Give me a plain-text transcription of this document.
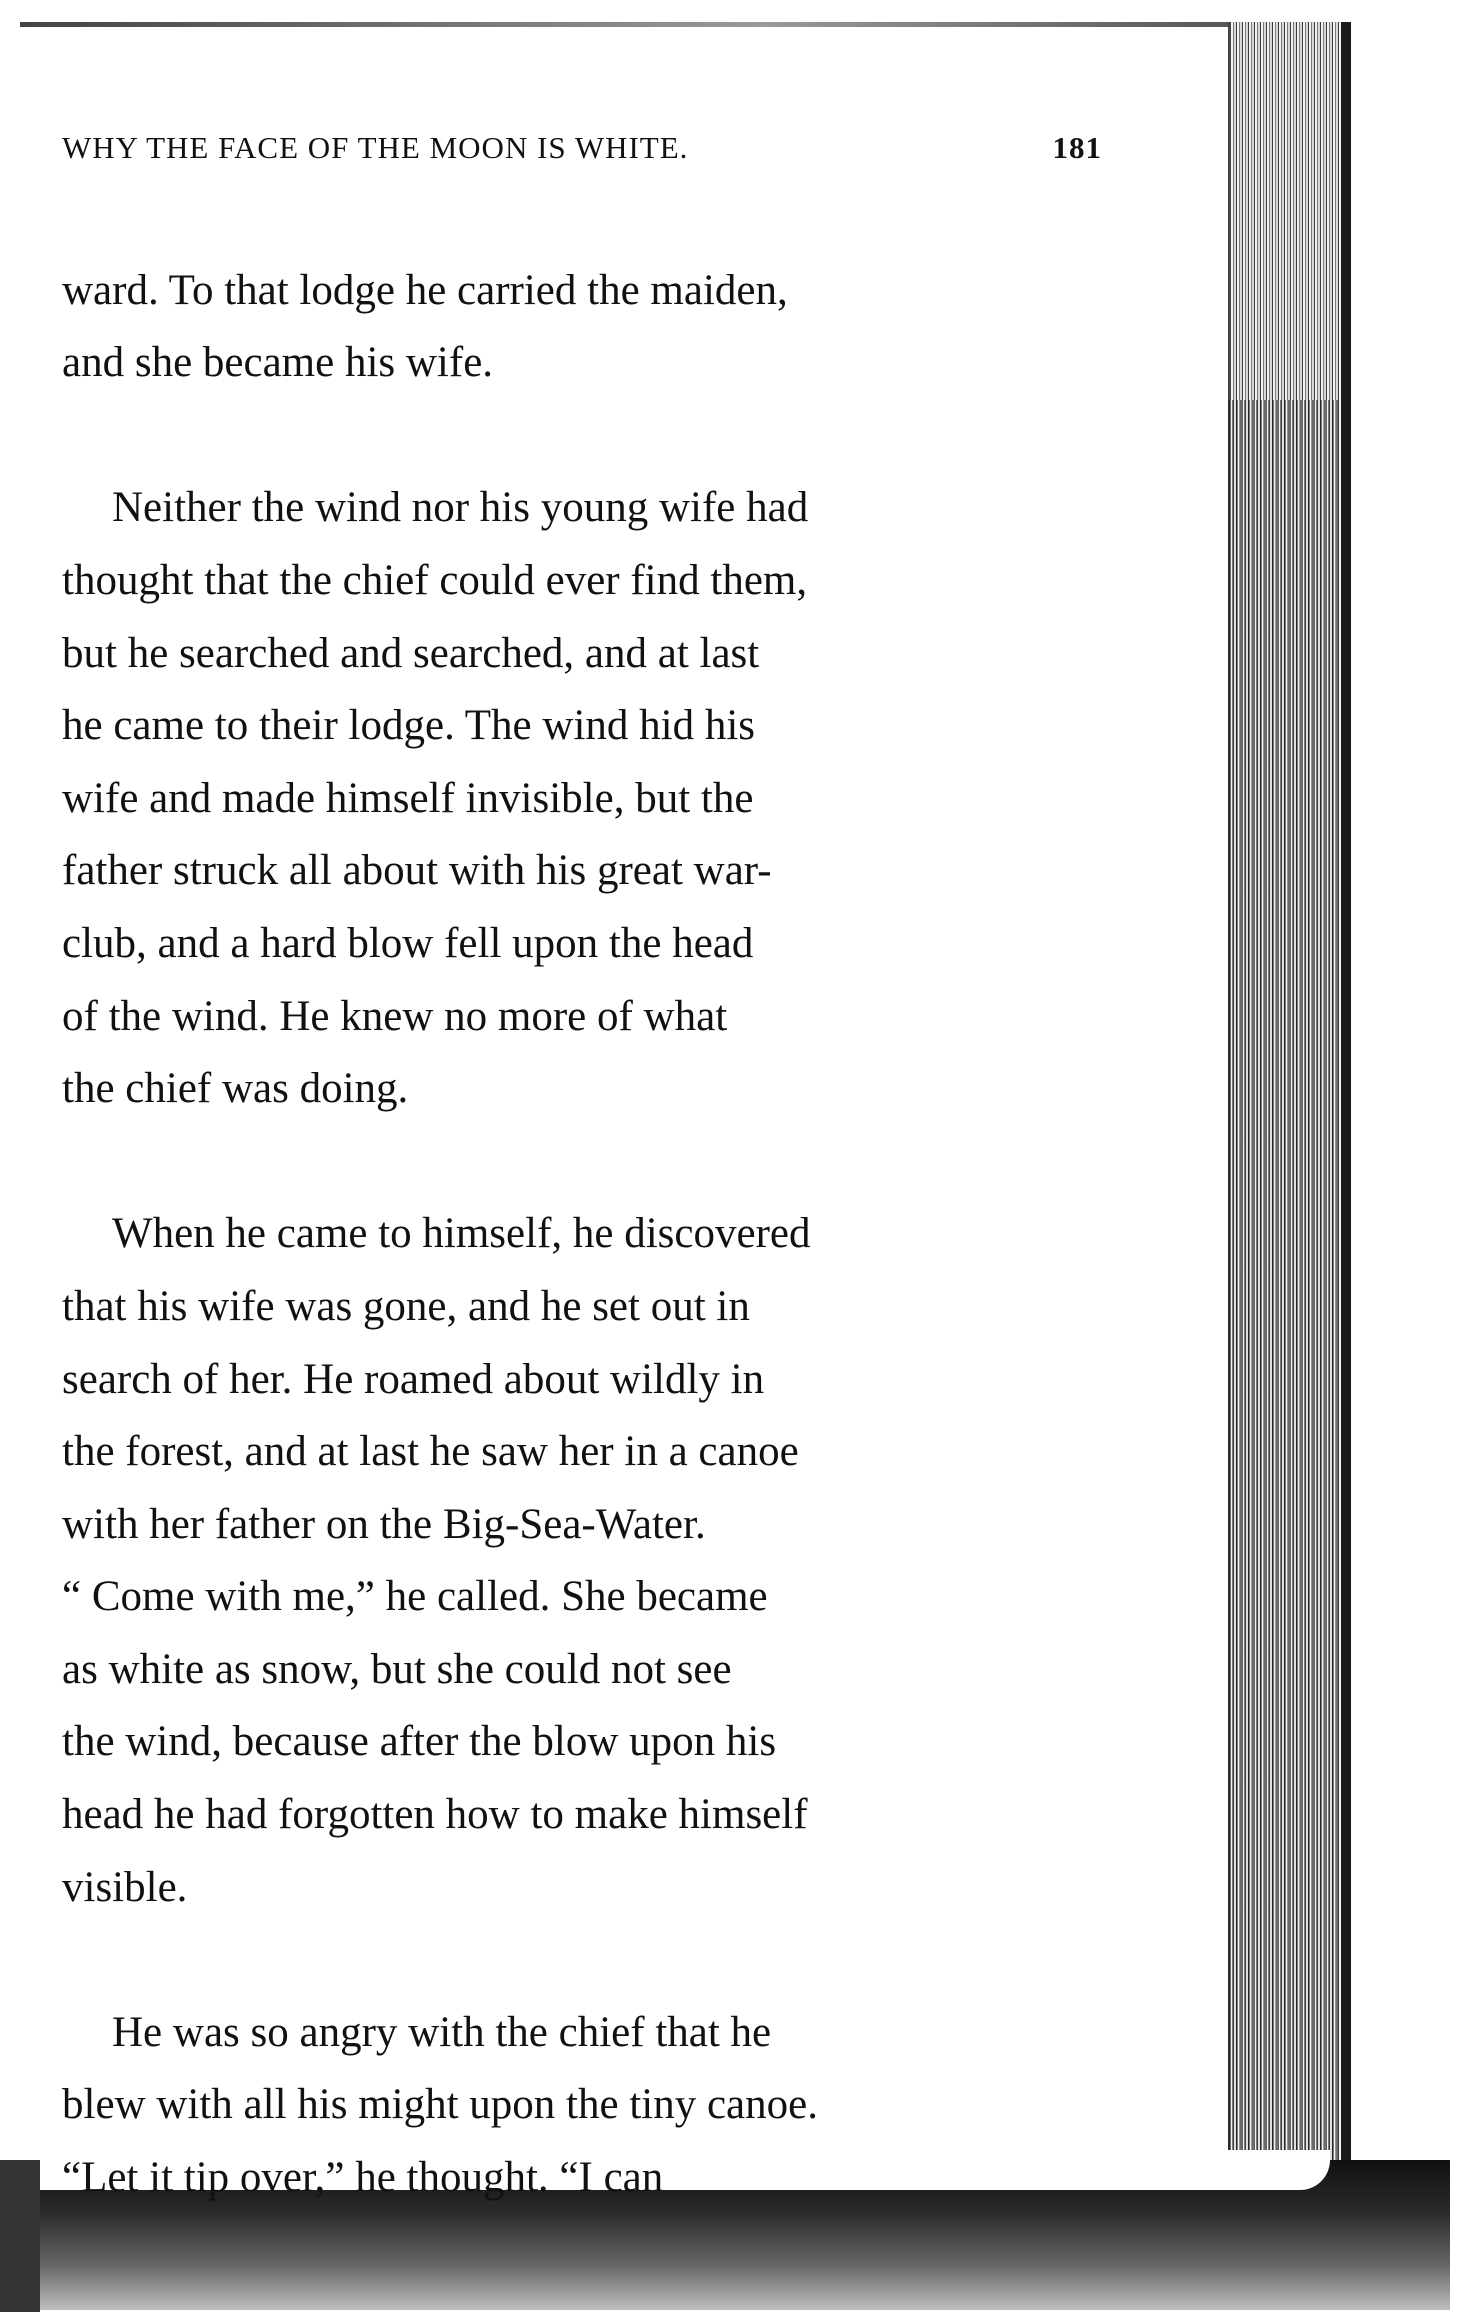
WHY THE FACE OF THE MOON IS WHITE.	181

ward. To that lodge he carried the maiden,
and she became his wife.

Neither the wind nor his young wife had
thought that the chief could ever find them,
but he searched and searched, and at last
he came to their lodge. The wind hid his
wife and made himself invisible, but the
father struck all about with his great war-
club, and a hard blow fell upon the head
of the wind. He knew no more of what
the chief was doing.

When he came to himself, he discovered
that his wife was gone, and he set out in
search of her. He roamed about wildly in
the forest, and at last he saw her in a canoe
with her father on the Big-Sea-Water.
“ Come with me,” he called. She became
as white as snow, but she could not see
the wind, because after the blow upon his
head he had forgotten how to make himself
visible.

He was so angry with the chief that he
blew with all his might upon the tiny canoe.
“Let it tip over,” he thought. “I can
